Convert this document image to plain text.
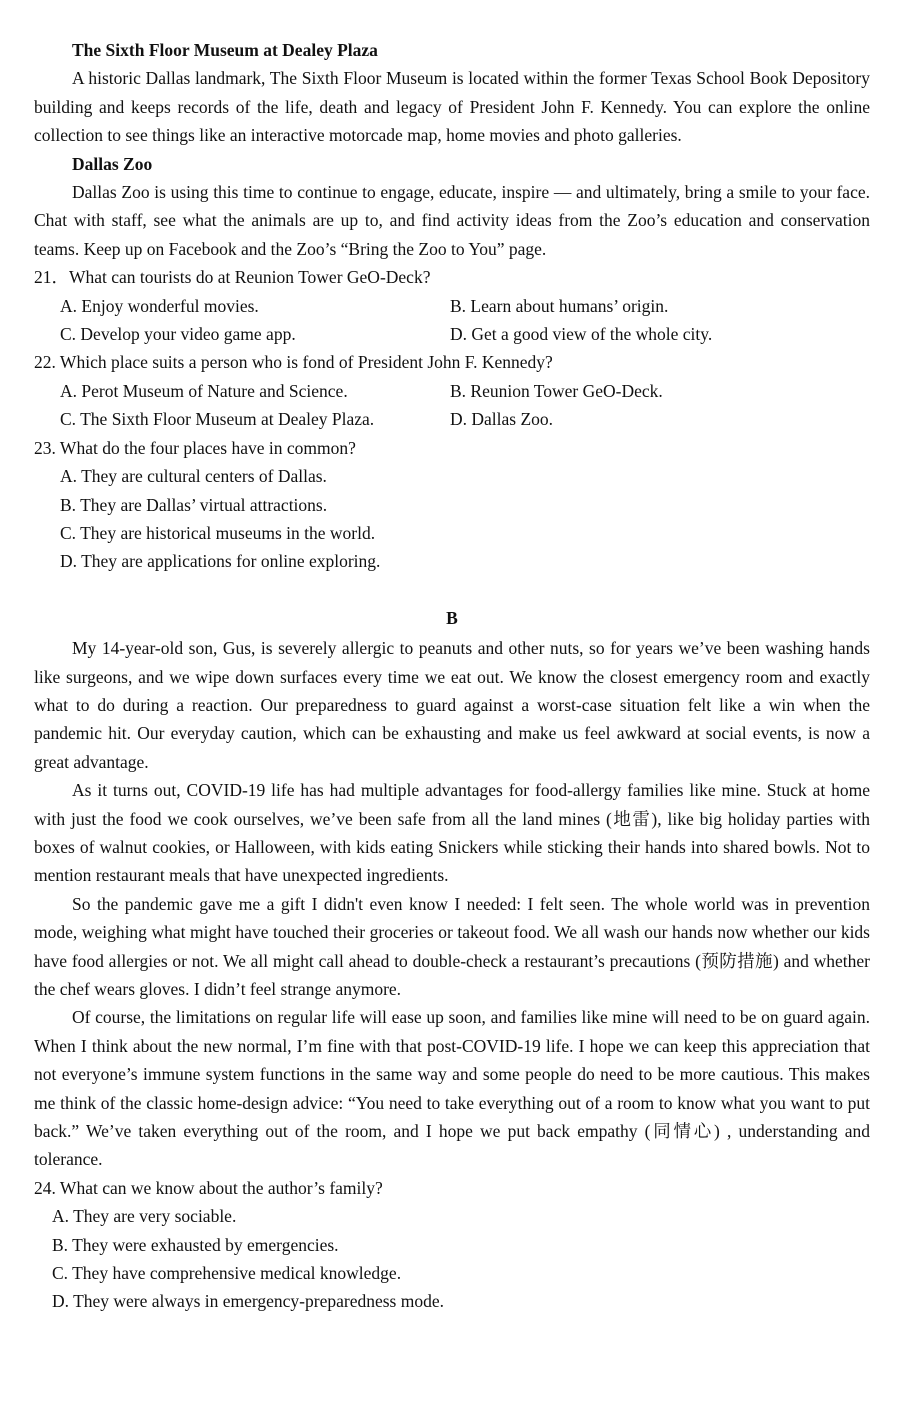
The Sixth Floor Museum at Dealey Plaza

A historic Dallas landmark, The Sixth Floor Museum is located within the former Texas School Book Depository building and keeps records of the life, death and legacy of President John F. Kennedy. You can explore the online collection to see things like an interactive motorcade map, home movies and photo galleries.

Dallas Zoo

Dallas Zoo is using this time to continue to engage, educate, inspire — and ultimately, bring a smile to your face. Chat with staff, see what the animals are up to, and find activity ideas from the Zoo’s education and conservation teams. Keep up on Facebook and the Zoo’s “Bring the Zoo to You” page.

21．What can tourists do at Reunion Tower GeO-Deck?

A. Enjoy wonderful movies.	B. Learn about humans’ origin.
C. Develop your video game app.	D. Get a good view of the whole city.

22. Which place suits a person who is fond of President John F. Kennedy?

A. Perot Museum of Nature and Science.	B. Reunion Tower GeO-Deck.
C. The Sixth Floor Museum at Dealey Plaza.	D. Dallas Zoo.

23. What do the four places have in common?

A. They are cultural centers of Dallas.
B. They are Dallas’ virtual attractions.
C. They are historical museums in the world.
D. They are applications for online exploring.
B

My 14-year-old son, Gus, is severely allergic to peanuts and other nuts, so for years we’ve been washing hands like surgeons, and we wipe down surfaces every time we eat out. We know the closest emergency room and exactly what to do during a reaction. Our preparedness to guard against a worst-case situation felt like a win when the pandemic hit. Our everyday caution, which can be exhausting and make us feel awkward at social events, is now a great advantage.

As it turns out, COVID-19 life has had multiple advantages for food-allergy families like mine. Stuck at home with just the food we cook ourselves, we’ve been safe from all the land mines (地雷), like big holiday parties with boxes of walnut cookies, or Halloween, with kids eating Snickers while sticking their hands into shared bowls. Not to mention restaurant meals that have unexpected ingredients.

So the pandemic gave me a gift I didn't even know I needed: I felt seen. The whole world was in prevention mode, weighing what might have touched their groceries or takeout food. We all wash our hands now whether our kids have food allergies or not. We all might call ahead to double-check a restaurant’s precautions (预防措施) and whether the chef wears gloves. I didn’t feel strange anymore.

Of course, the limitations on regular life will ease up soon, and families like mine will need to be on guard again. When I think about the new normal, I’m fine with that post-COVID-19 life. I hope we can keep this appreciation that not everyone’s immune system functions in the same way and some people do need to be more cautious. This makes me think of the classic home-design advice: “You need to take everything out of a room to know what you want to put back.” We’ve taken everything out of the room, and I hope we put back empathy (同情心) , understanding and tolerance.

24. What can we know about the author’s family?

A. They are very sociable.
B. They were exhausted by emergencies.
C. They have comprehensive medical knowledge.
D. They were always in emergency-preparedness mode.
